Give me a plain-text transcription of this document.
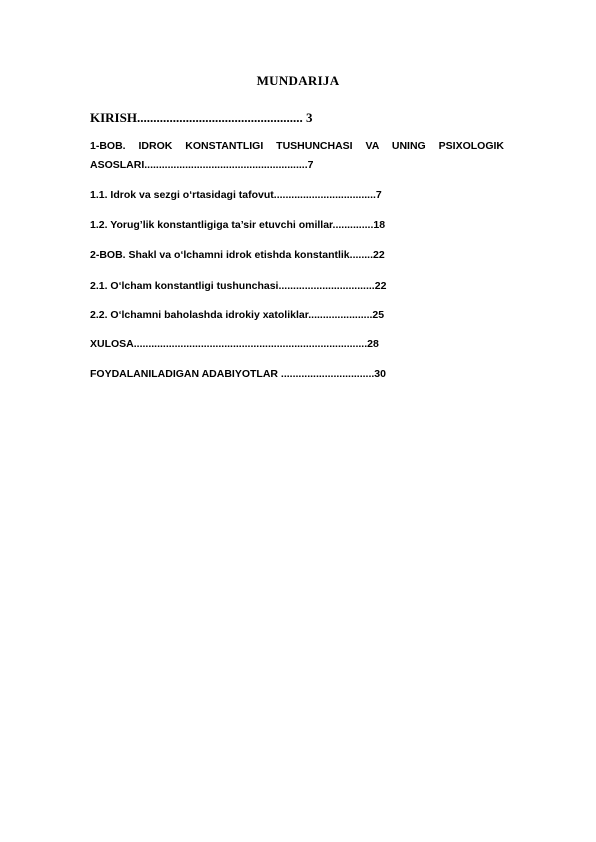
MUNDARIJA
KIRISH................................................... 3
1-BOB. IDROK KONSTANTLIGI TUSHUNCHASI VA UNING PSIXOLOGIK
ASOSLARI........................................................7
1.1. Idrok va sezgi o‘rtasidagi tafovut...................................7
1.2. Yorug’lik konstantligiga ta’sir etuvchi omillar..............18
2-BOB. Shakl va o‘lchamni idrok etishda konstantlik........22
2.1. O‘lcham konstantligi tushunchasi.................................22
2.2. O‘lchamni baholashda idrokiy xatoliklar......................25
XULOSA................................................................................28
FOYDALANILADIGAN ADABIYOTLAR ................................30
